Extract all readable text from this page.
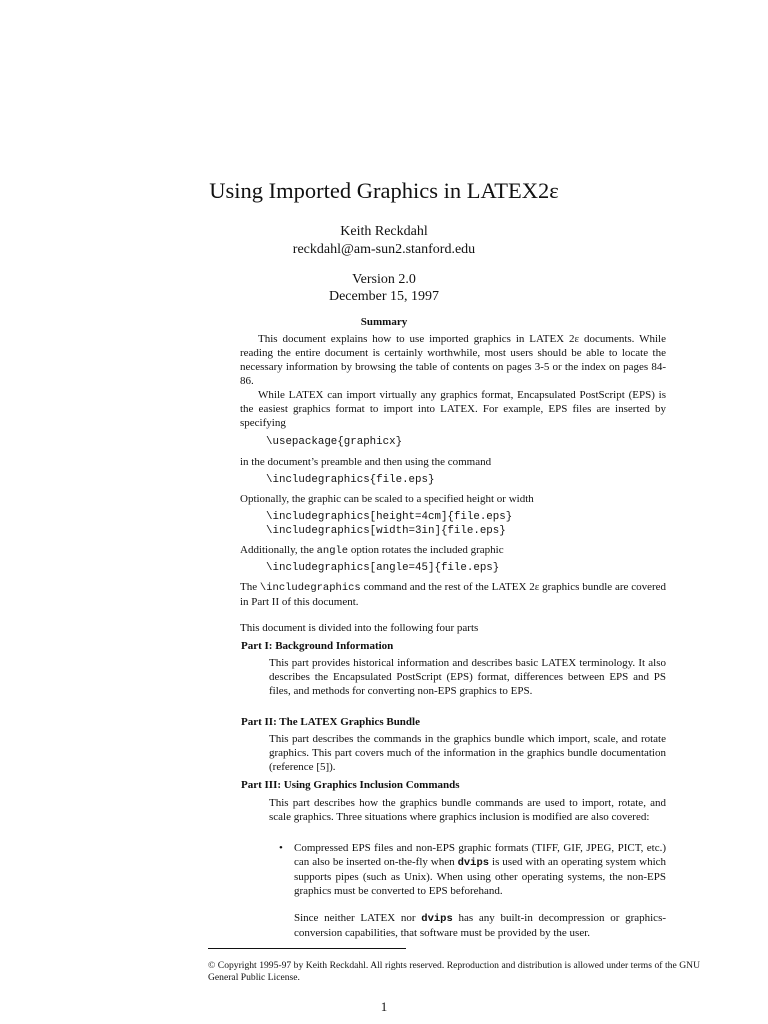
Using Imported Graphics in LATEX2ε
Keith Reckdahl
reckdahl@am-sun2.stanford.edu
Version 2.0
December 15, 1997
Summary
This document explains how to use imported graphics in LATEX 2ε documents. While reading the entire document is certainly worthwhile, most users should be able to locate the necessary information by browsing the table of contents on pages 3-5 or the index on pages 84-86.
While LATEX can import virtually any graphics format, Encapsulated PostScript (EPS) is the easiest graphics format to import into LATEX. For example, EPS files are inserted by specifying
\usepackage{graphicx}
in the document’s preamble and then using the command
\includegraphics{file.eps}
Optionally, the graphic can be scaled to a specified height or width
\includegraphics[height=4cm]{file.eps}
\includegraphics[width=3in]{file.eps}
Additionally, the angle option rotates the included graphic
\includegraphics[angle=45]{file.eps}
The \includegraphics command and the rest of the LATEX 2ε graphics bundle are covered in Part II of this document.
This document is divided into the following four parts
Part I: Background Information
This part provides historical information and describes basic LATEX terminology. It also describes the Encapsulated PostScript (EPS) format, differences between EPS and PS files, and methods for converting non-EPS graphics to EPS.
Part II: The LATEX Graphics Bundle
This part describes the commands in the graphics bundle which import, scale, and rotate graphics. This part covers much of the information in the graphics bundle documentation (reference [5]).
Part III: Using Graphics Inclusion Commands
This part describes how the graphics bundle commands are used to import, rotate, and scale graphics. Three situations where graphics inclusion is modified are also covered:
• Compressed EPS files and non-EPS graphic formats (TIFF, GIF, JPEG, PICT, etc.) can also be inserted on-the-fly when dvips is used with an operating system which supports pipes (such as Unix). When using other operating systems, the non-EPS graphics must be converted to EPS beforehand.
Since neither LATEX nor dvips has any built-in decompression or graphics-conversion capabilities, that software must be provided by the user.
© Copyright 1995-97 by Keith Reckdahl. All rights reserved. Reproduction and distribution is allowed under terms of the GNU General Public License.
1
